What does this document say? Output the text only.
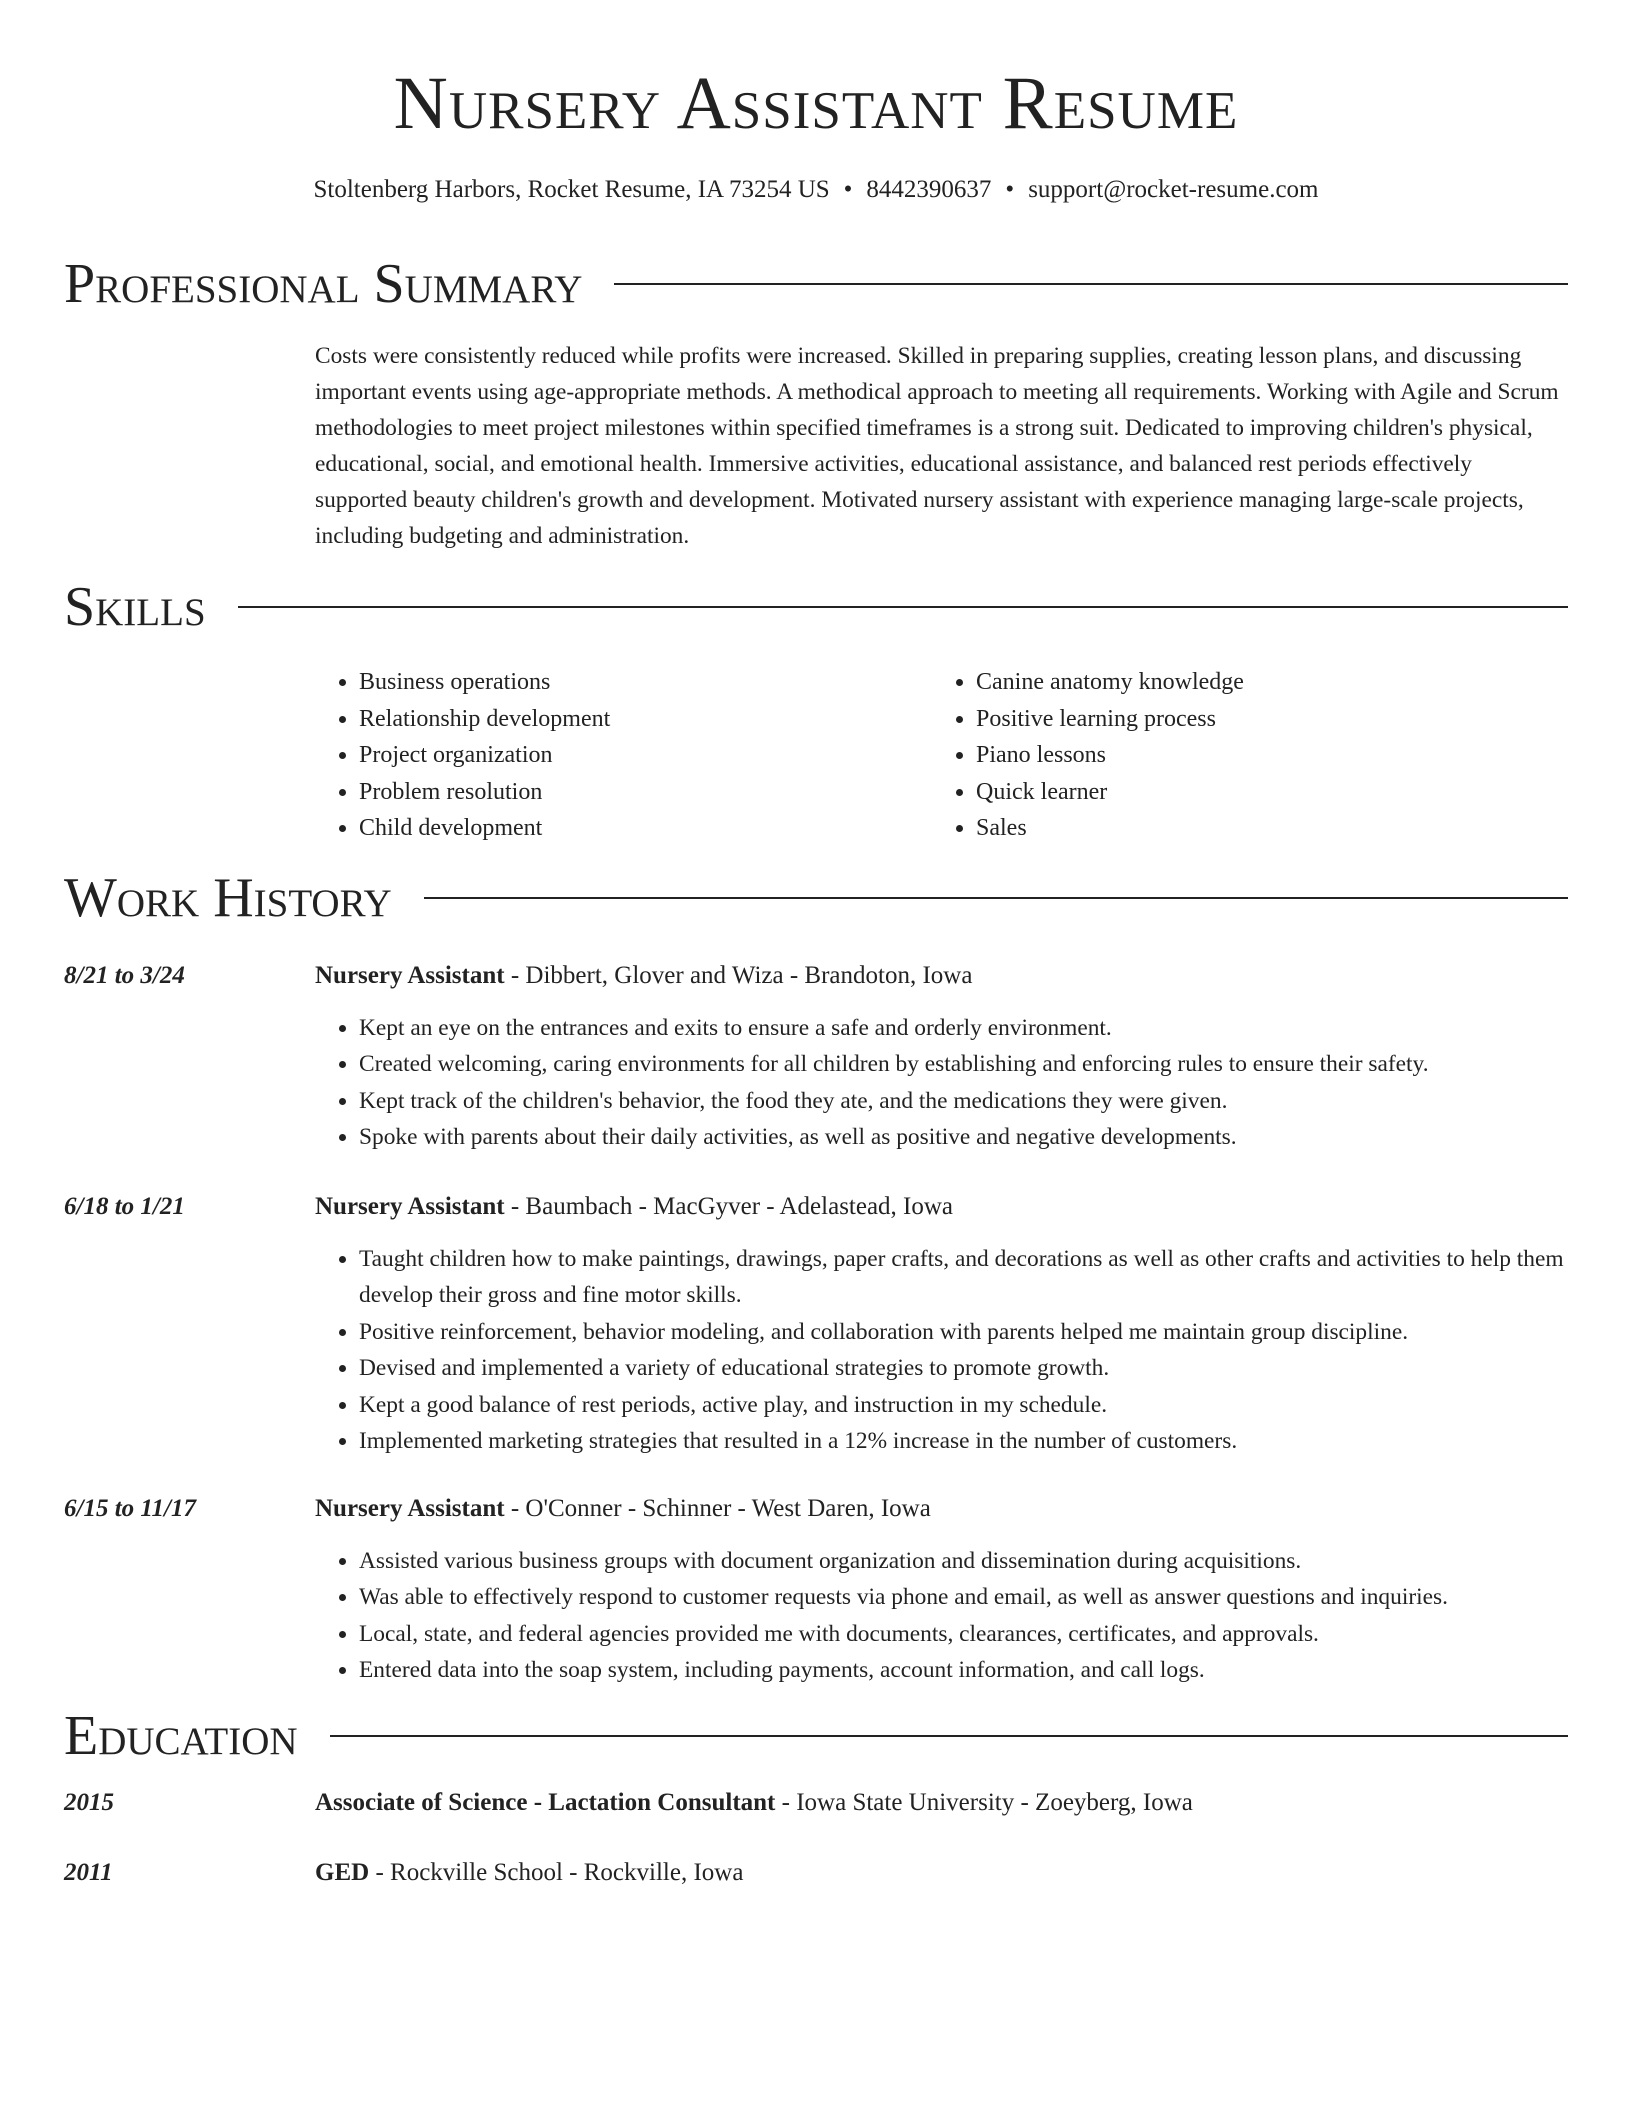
Nursery Assistant Resume
Stoltenberg Harbors, Rocket Resume, IA 73254 US • 8442390637 • support@rocket-resume.com
Professional Summary

Costs were consistently reduced while profits were increased. Skilled in preparing supplies, creating lesson plans, and discussing important events using age-appropriate methods. A methodical approach to meeting all requirements. Working with Agile and Scrum methodologies to meet project milestones within specified timeframes is a strong suit. Dedicated to improving children's physical, educational, social, and emotional health. Immersive activities, educational assistance, and balanced rest periods effectively supported beauty children's growth and development. Motivated nursery assistant with experience managing large-scale projects, including budgeting and administration.

Skills
• Business operations
• Relationship development
• Project organization
• Problem resolution
• Child development
• Canine anatomy knowledge
• Positive learning process
• Piano lessons
• Quick learner
• Sales
Work History
8/21 to 3/24	Nursery Assistant - Dibbert, Glover and Wiza - Brandoton, Iowa
• Kept an eye on the entrances and exits to ensure a safe and orderly environment.
• Created welcoming, caring environments for all children by establishing and enforcing rules to ensure their safety.
• Kept track of the children's behavior, the food they ate, and the medications they were given.
• Spoke with parents about their daily activities, as well as positive and negative developments.
6/18 to 1/21	Nursery Assistant - Baumbach - MacGyver - Adelastead, Iowa
• Taught children how to make paintings, drawings, paper crafts, and decorations as well as other crafts and activities to help them develop their gross and fine motor skills.
• Positive reinforcement, behavior modeling, and collaboration with parents helped me maintain group discipline.
• Devised and implemented a variety of educational strategies to promote growth.
• Kept a good balance of rest periods, active play, and instruction in my schedule.
• Implemented marketing strategies that resulted in a 12% increase in the number of customers.
6/15 to 11/17	Nursery Assistant - O'Conner - Schinner - West Daren, Iowa
• Assisted various business groups with document organization and dissemination during acquisitions.
• Was able to effectively respond to customer requests via phone and email, as well as answer questions and inquiries.
• Local, state, and federal agencies provided me with documents, clearances, certificates, and approvals.
• Entered data into the soap system, including payments, account information, and call logs.
Education
2015	Associate of Science - Lactation Consultant - Iowa State University - Zoeyberg, Iowa
2011	GED - Rockville School - Rockville, Iowa
